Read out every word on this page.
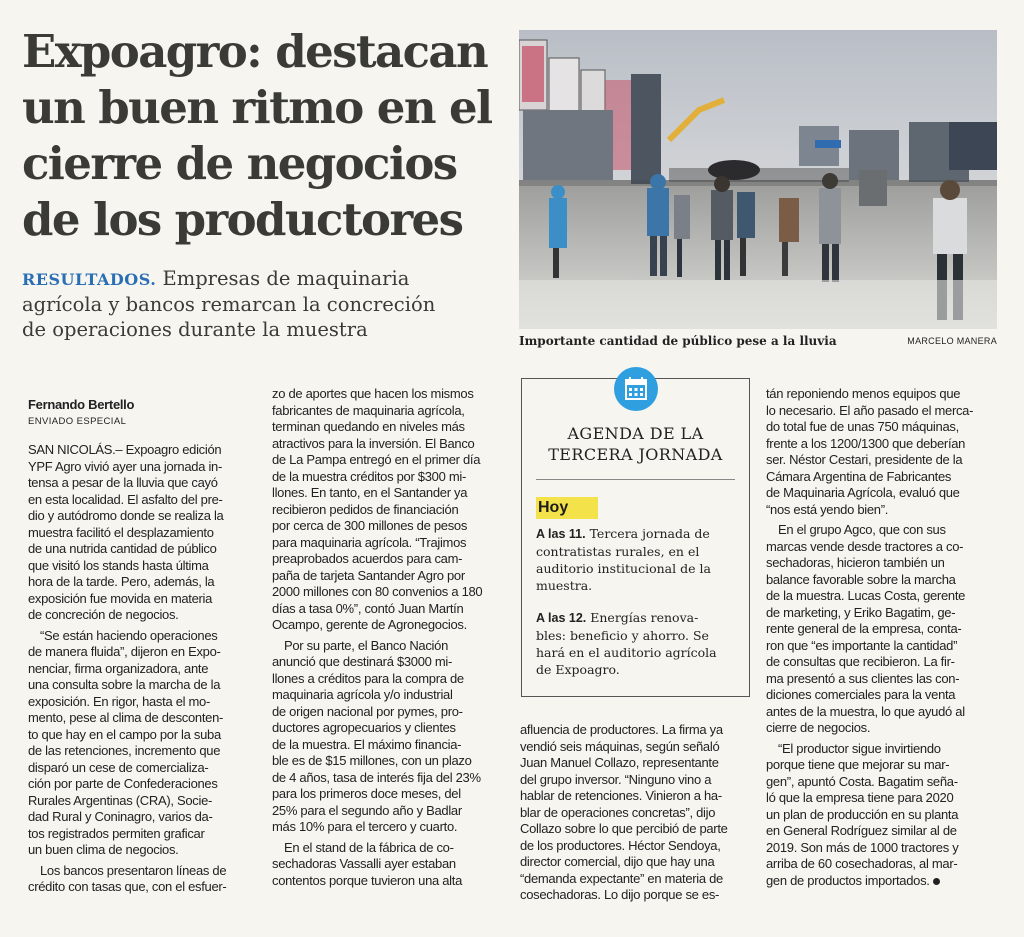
Expoagro: destacan
un buen ritmo en el
cierre de negocios
de los productores
RESULTADOS. Empresas de maquinaria
agrícola y bancos remarcan la concreción
de operaciones durante la muestra	Importante cantidad de público pese a la lluvia	MARCELO MANERA
Fernando Bertello
ENVIADO ESPECIAL
SAN NICOLÁS.– Expoagro edición
YPF Agro vivió ayer una jornada in-
tensa a pesar de la lluvia que cayó
en esta localidad. El asfalto del pre-
dio y autódromo donde se realiza la
muestra facilitó el desplazamiento
de una nutrida cantidad de público
que visitó los stands hasta última
hora de la tarde. Pero, además, la
exposición fue movida en materia
de concreción de negocios.
“Se están haciendo operaciones
de manera fluida”, dijeron en Expo-
nenciar, firma organizadora, ante
una consulta sobre la marcha de la
exposición. En rigor, hasta el mo-
mento, pese al clima de desconten-
to que hay en el campo por la suba
de las retenciones, incremento que
disparó un cese de comercializa-
ción por parte de Confederaciones
Rurales Argentinas (CRA), Socie-
dad Rural y Coninagro, varios da-
tos registrados permiten graficar
un buen clima de negocios.
Los bancos presentaron líneas de
crédito con tasas que, con el esfuer-
zo de aportes que hacen los mismos
fabricantes de maquinaria agrícola,
terminan quedando en niveles más
atractivos para la inversión. El Banco
de La Pampa entregó en el primer día
de la muestra créditos por $300 mi-
llones. En tanto, en el Santander ya
recibieron pedidos de financiación
por cerca de 300 millones de pesos
para maquinaria agrícola. “Trajimos
preaprobados acuerdos para cam-
paña de tarjeta Santander Agro por
2000 millones con 80 convenios a 180
días a tasa 0%”, contó Juan Martín
Ocampo, gerente de Agronegocios.
Por su parte, el Banco Nación
anunció que destinará $3000 mi-
llones a créditos para la compra de
maquinaria agrícola y/o industrial
de origen nacional por pymes, pro-
ductores agropecuarios y clientes
de la muestra. El máximo financia-
ble es de $15 millones, con un plazo
de 4 años, tasa de interés fija del 23%
para los primeros doce meses, del
25% para el segundo año y Badlar
más 10% para el tercero y cuarto.
En el stand de la fábrica de co-
sechadoras Vassalli ayer estaban
contentos porque tuvieron una alta
AGENDA DE LA
TERCERA JORNADA
Hoy
A las 11. Tercera jornada de
contratistas rurales, en el
auditorio institucional de la
muestra.
A las 12. Energías renova-
bles: beneficio y ahorro. Se
hará en el auditorio agrícola
de Expoagro.
afluencia de productores. La firma ya
vendió seis máquinas, según señaló
Juan Manuel Collazo, representante
del grupo inversor. “Ninguno vino a
hablar de retenciones. Vinieron a ha-
blar de operaciones concretas”, dijo
Collazo sobre lo que percibió de parte
de los productores. Héctor Sendoya,
director comercial, dijo que hay una
“demanda expectante” en materia de
cosechadoras. Lo dijo porque se es-
tán reponiendo menos equipos que
lo necesario. El año pasado el merca-
do total fue de unas 750 máquinas,
frente a los 1200/1300 que deberían
ser. Néstor Cestari, presidente de la
Cámara Argentina de Fabricantes
de Maquinaria Agrícola, evaluó que
“nos está yendo bien”.
En el grupo Agco, que con sus
marcas vende desde tractores a co-
sechadoras, hicieron también un
balance favorable sobre la marcha
de la muestra. Lucas Costa, gerente
de marketing, y Eriko Bagatim, ge-
rente general de la empresa, conta-
ron que “es importante la cantidad”
de consultas que recibieron. La fir-
ma presentó a sus clientes las con-
diciones comerciales para la venta
antes de la muestra, lo que ayudó al
cierre de negocios.
“El productor sigue invirtiendo
porque tiene que mejorar su mar-
gen”, apuntó Costa. Bagatim seña-
ló que la empresa tiene para 2020
un plan de producción en su planta
en General Rodríguez similar al de
2019. Son más de 1000 tractores y
arriba de 60 cosechadoras, al mar-
gen de productos importados.
